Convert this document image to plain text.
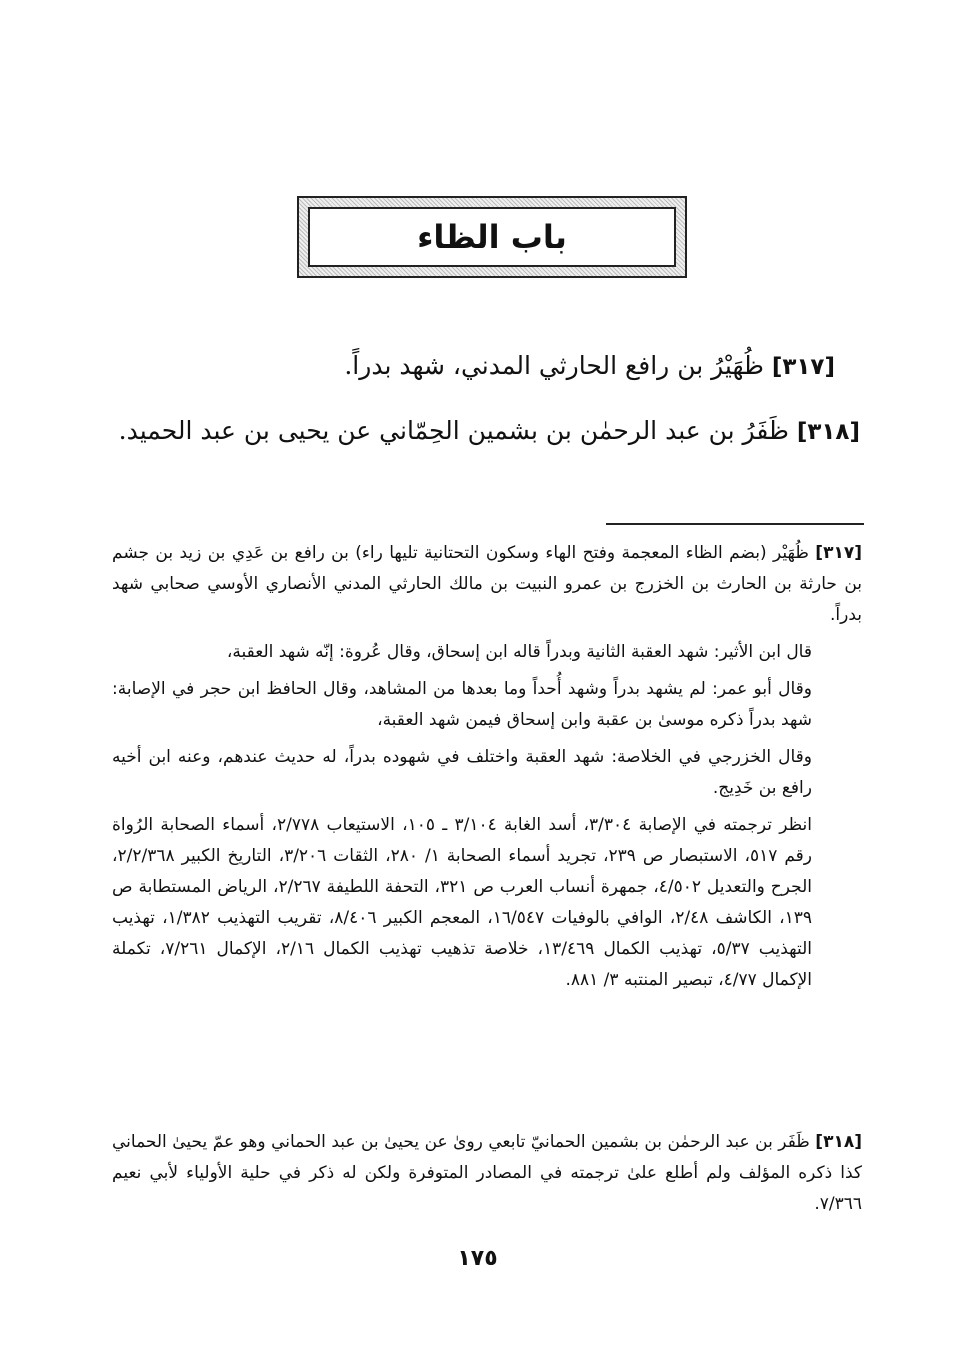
باب الظاء
[٣١٧] ظُهَيْرُ بن رافع الحارثي المدني، شهد بدراً.
[٣١٨] ظَفَرُ بن عبد الرحمٰن بن بشمين الحِمّاني عن يحيى بن عبد الحميد.

[٣١٧] ظُهَيْر (بضم الظاء المعجمة وفتح الهاء وسكون التحتانية تليها راء) بن رافع بن عَدِي بن زيد بن جشم بن حارثة بن الحارث بن الخزرج بن عمرو النبيت بن مالك الحارثي المدني الأنصاري الأوسي صحابي شهد بدراً.

قال ابن الأثير: شهد العقبة الثانية وبدراً قاله ابن إسحاق، وقال عُروة: إنّه شهد العقبة،

وقال أبو عمر: لم يشهد بدراً وشهد أُحداً وما بعدها من المشاهد، وقال الحافظ ابن حجر في الإصابة: شهد بدراً ذكره موسىٰ بن عقبة وابن إسحاق فيمن شهد العقبة،

وقال الخزرجي في الخلاصة: شهد العقبة واختلف في شهوده بدراً، له حديث عندهم، وعنه ابن أخيه رافع بن خَدِيج.

انظر ترجمته في الإصابة ٣/٣٠٤، أسد الغابة ٣/١٠٤ ـ ١٠٥، الاستيعاب ٢/٧٧٨، أسماء الصحابة الرُواة رقم ٥١٧، الاستبصار ص ٢٣٩، تجريد أسماء الصحابة ١/ ٢٨٠، الثقات ٣/٢٠٦، التاريخ الكبير ٢/٢/٣٦٨، الجرح والتعديل ٤/٥٠٢، جمهرة أنساب العرب ص ٣٢١، التحفة اللطيفة ٢/٢٦٧، الرياض المستطابة ص ١٣٩، الكاشف ٢/٤٨، الوافي بالوفيات ١٦/٥٤٧، المعجم الكبير ٨/٤٠٦، تقريب التهذيب ١/٣٨٢، تهذيب التهذيب ٥/٣٧، تهذيب الكمال ١٣/٤٦٩، خلاصة تذهيب تهذيب الكمال ٢/١٦، الإكمال ٧/٢٦١، تكملة الإكمال ٤/٧٧، تبصير المنتبه ٣/ ٨٨١.

[٣١٨] ظَفَر بن عبد الرحمٰن بن بشمين الحمانيّ تابعي روىٰ عن يحيىٰ بن عبد الحماني وهو عمّ يحيىٰ الحماني كذا ذكره المؤلف ولم أطلع علىٰ ترجمته في المصادر المتوفرة ولكن له ذكر في حلية الأولياء لأبي نعيم ٧/٣٦٦.

١٧٥
